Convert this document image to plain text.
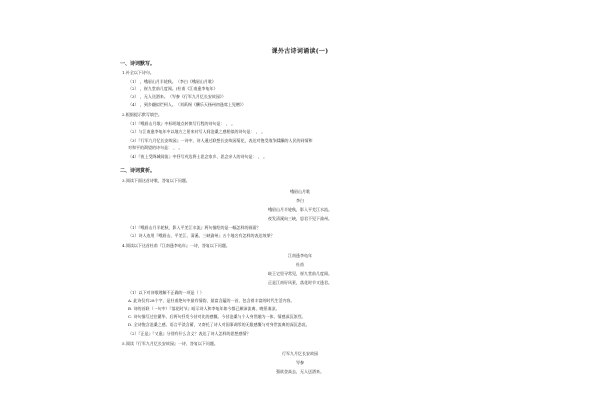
课外古诗词诵读(一)
一、诗词默写。
1.补全以下诗句。
（1） ，峨眉山月半轮秋。（李白《峨眉山月歌》
（2） ，崔九堂前几度闻。(杜甫《江南逢李龟年》
（3） ，无人送酒来。（岑参《行军九月忆长安故园》）
（4） ，到乡翻似烂柯人。（刘禹锡《酬乐天扬州初逢席上见赠》）
2.根据提示默写填空。
（1）『峨眉山月歌』中标明地点转换写行程的诗句是： ， 。
（2）与江南逢李龟年中以地方之景来衬写人间沧桑之感相似的诗句是： ， 。
（3）『行军九月忆长安故园』一诗中，诗人通过联想长安故园菊花，表达对饱受战争蹂躏的人民的同情和
对和平的渴望的诗句是： ， 。
（4）『夜上受降城闻笛』中抒写戍边将士思念家乡、思念亲人的诗句是： ， 。
二、诗词赏析。
3.阅读下面这首诗歌，答复以下问题。
峨眉山月歌
李白
峨眉山月半轮秋，影入平羌江水流。
夜发清溪向三峡，思君不见下渝州。
（1）『峨眉山月半轮秋，影入平羌江水流』两句描绘的是一幅怎样的画面？
（2）诗人连用『峨眉山、平羌江、清溪、三峡渝州』五个地名有怎样的表达效果？
4.阅读以下这首杜甫『江南逢李龟年』一诗，答复以下问题。
江南逢李龟年
杜甫
岐王宅里寻常见，崔九堂前几度闻。
正是江南好风景，落花时节又逢君。
（1）以下对诗歌理解不正确的一项是（ ）
A. 此诗仅有28个字，是杜甫绝句中最有情韵、最富含蕴的一首，包含着丰富的时代生活内容。
B. 诗的首联（一句中）『落花时节』暗示诗人和李龟年如今都已颠沛流离、晚景凄凉。
C. 诗句描写过往繁华，后两句抒发今昔对比的感慨。今昔沧桑与个人身世融为一体，情感深沉浓烈。
D. 全诗饱含沧桑之感，语言平淡含蓄，又寄托了诗人对国事凋零的无限感慨与对身世流离的深沉悲哀。
（2）『正是』『又逢』分别有什么含义？表达了诗人怎样的思想感情？
5.阅读『行军九月忆长安故园』一诗，答复以下问题。
行军九月忆长安故园
岑参
强欲登高去，无人送酒来。
